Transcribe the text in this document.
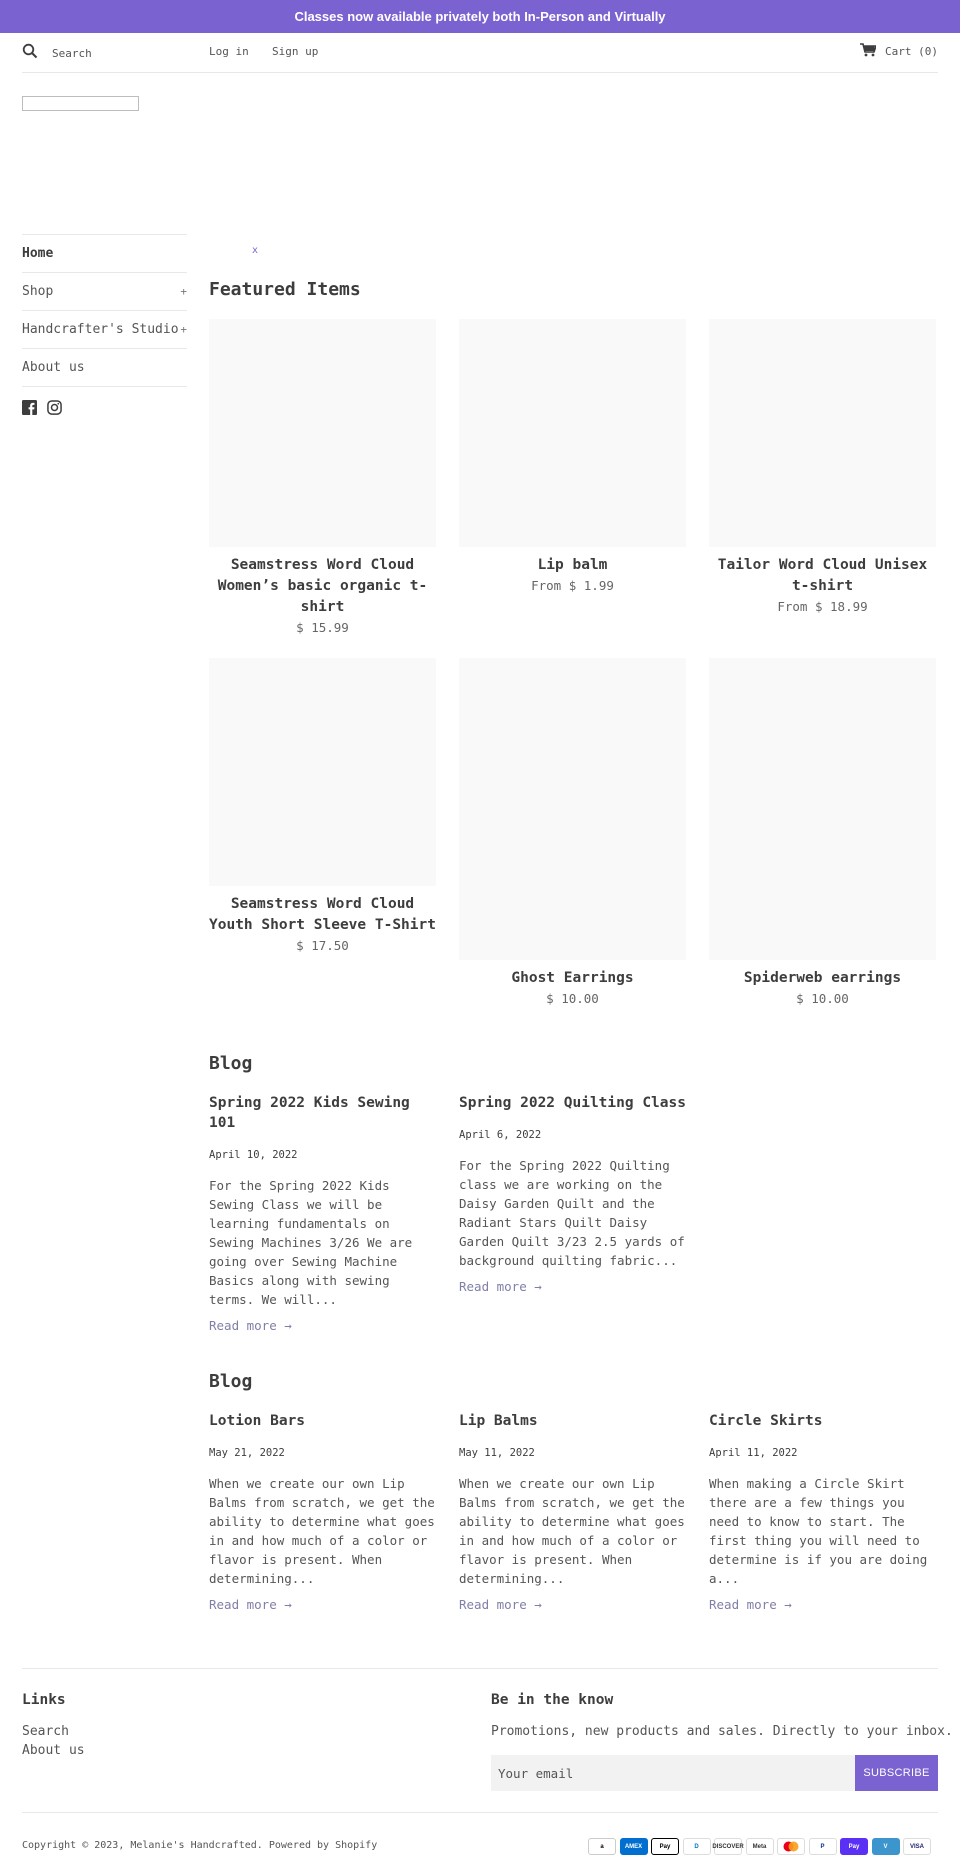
Classes now available privately both In-Person and Virtually
Search
Log in Sign up	Cart (0)
Home
Shop	+
Handcrafter's Studio +
About us
x
Featured Items
Seamstress Word Cloud Women’s basic organic t-shirt
$ 15.99
Lip balm
From $ 1.99
Tailor Word Cloud Unisex t-shirt
From $ 18.99
Seamstress Word Cloud Youth Short Sleeve T-Shirt
$ 17.50
Ghost Earrings
$ 10.00
Spiderweb earrings
$ 10.00
Blog
Spring 2022 Kids Sewing 101
April 10, 2022
For the Spring 2022 Kids Sewing Class we will be learning fundamentals on Sewing Machines 3/26 We are going over Sewing Machine Basics along with sewing terms. We will...
Read more →
Spring 2022 Quilting Class
April 6, 2022
For the Spring 2022 Quilting class we are working on the Daisy Garden Quilt and the Radiant Stars Quilt Daisy Garden Quilt 3/23 2.5 yards of background quilting fabric...
Read more →
Blog
Lotion Bars
May 21, 2022
When we create our own Lip Balms from scratch, we get the ability to determine what goes in and how much of a color or flavor is present. When determining...
Read more →
Lip Balms
May 11, 2022
When we create our own Lip Balms from scratch, we get the ability to determine what goes in and how much of a color or flavor is present. When determining...
Read more →
Circle Skirts
April 11, 2022
When making a Circle Skirt there are a few things you need to know to start. The first thing you will need to determine is if you are doing a...
Read more →
Links
Search
About us
Be in the know
Promotions, new products and sales. Directly to your inbox.
Your email
SUBSCRIBE
Copyright © 2023, Melanie's Handcrafted. Powered by Shopify	a	AMEX	Pay	D	DISCOVER	Meta	P	Pay	V	VISA
